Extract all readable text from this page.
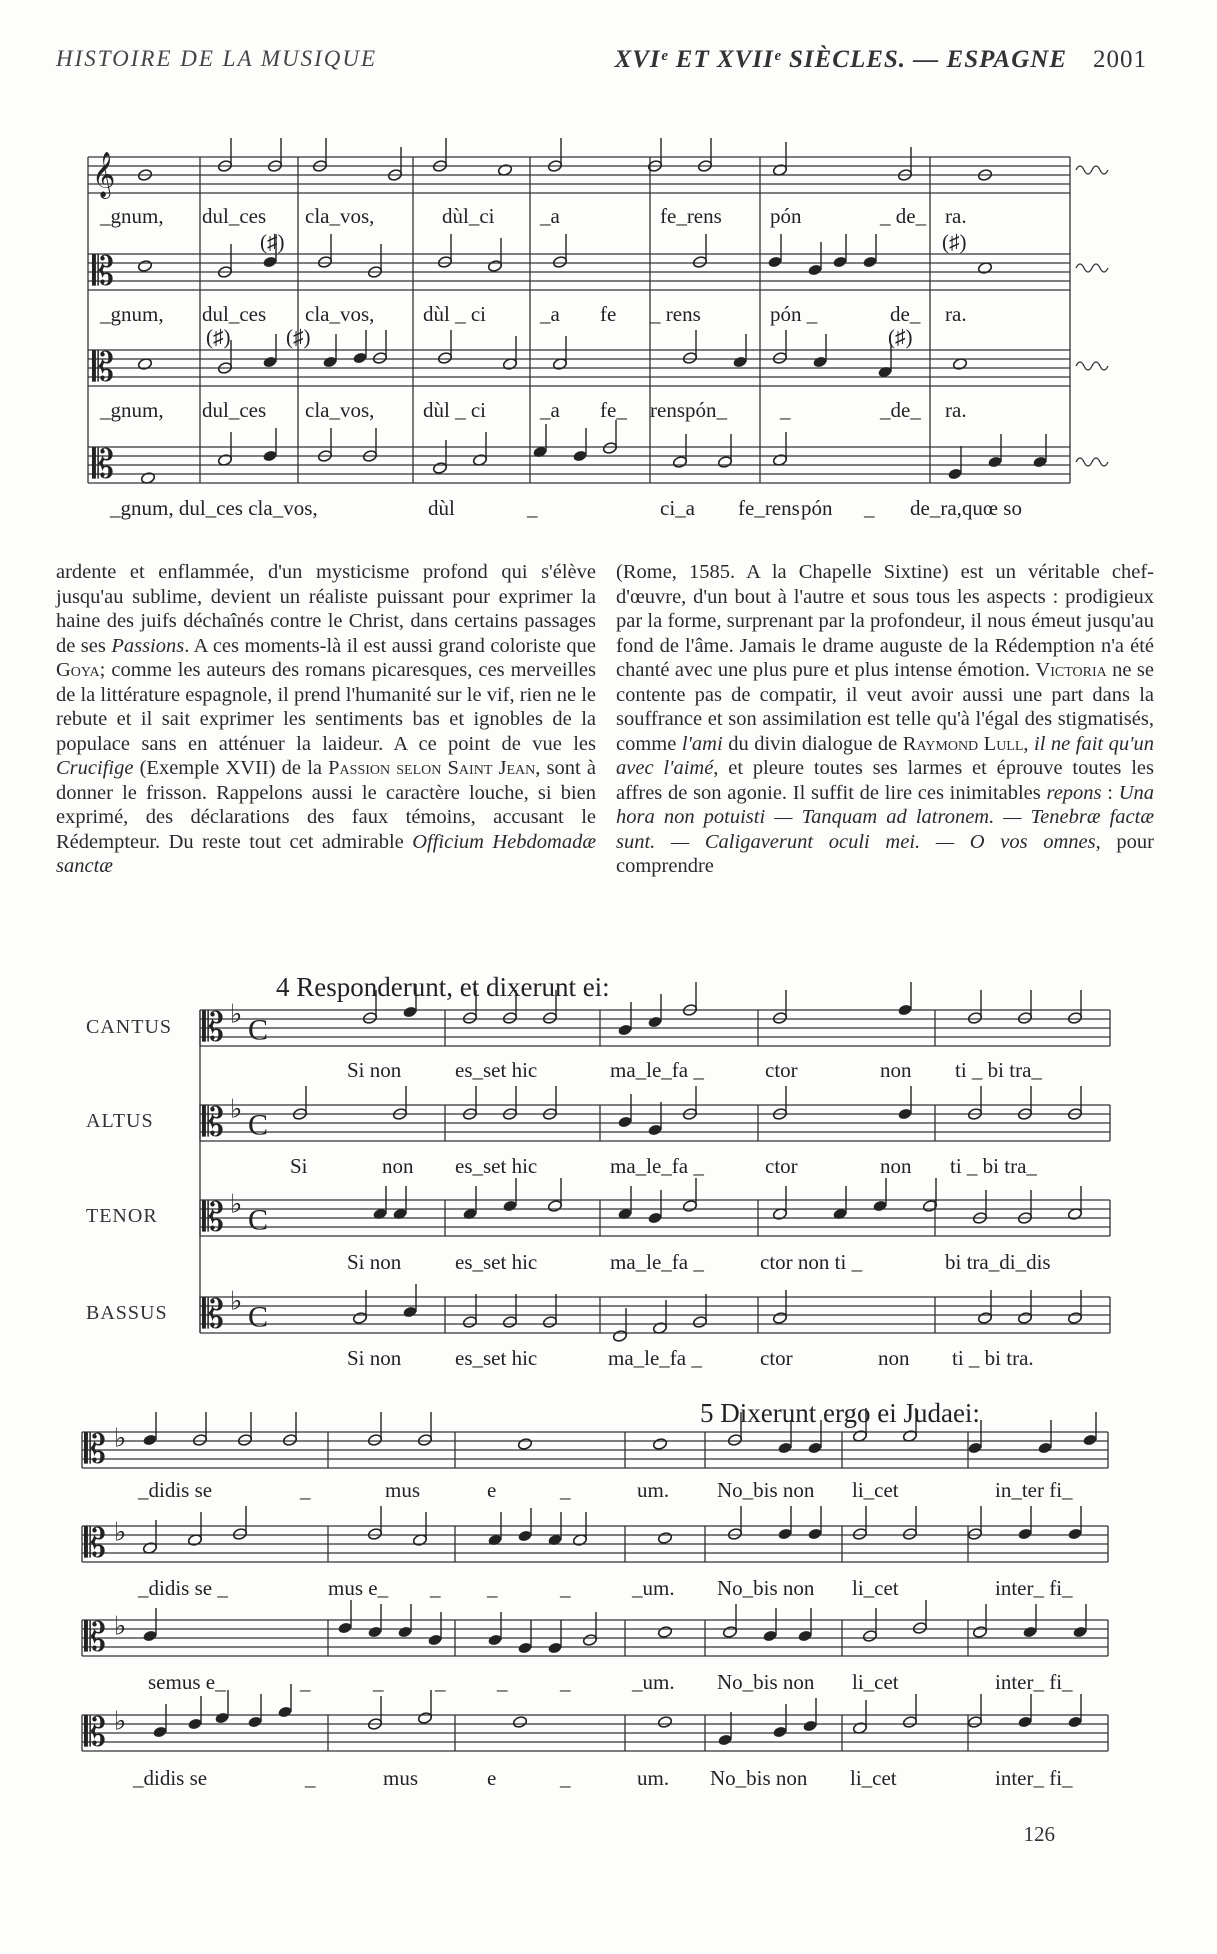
HISTOIRE DE LA MUSIQUE	XVIᵉ ET XVIIᵉ SIÈCLES. — ESPAGNE 2001
𝄞
𝄡
𝄡
𝄡
𝄡 ♭ C
𝄡 ♭ C
𝄡 ♭ C
𝄡 ♭ C
𝄡 ♭
𝄡 ♭
𝄡 ♭
𝄡 ♭
_gnum, dul_ces cla_vos,	dùl_ci _a	fe_rens pón	_ de_ ra.
_gnum, dul_ces cla_vos, dùl _ ci	_a fe _ rens	pón _	de_ ra.
_gnum, dul_ces cla_vos, dùl _ ci	_a fe_ renspón_	_	_de_ ra.
_gnum, dul_ces cla_vos,	dùl	_	ci_a fe_rens pón _ de_ra,quœ so
(♯)
(♯)	(♯)	(♯)
(♯)
Si non	es_set hic	ma_le_fa _	ctor	non ti _ bi tra_
Si	non es_set hic	ma_le_fa _	ctor	non ti _ bi tra_
Si non	es_set hic	ma_le_fa _	ctor non ti _	bi tra_di_dis
Si non	es_set hic	ma_le_fa _	ctor	non ti _ bi tra.
_didis se	_	mus	e	_	um. No_bis non li_cet	in_ter fi_
_didis se _	mus e_ _ _	_	_um. No_bis non li_cet	inter_ fi_
semus e_	_	_ _ _	_	_um. No_bis non li_cet	inter_ fi_
_didis se	_	mus	e	_	um. No_bis non li_cet	inter_ fi_

ardente et enflammée, d'un mysticisme profond qui s'élève jusqu'au sublime, devient un réaliste puissant pour exprimer la haine des juifs déchaînés contre le Christ, dans certains passages de ses Passions. A ces moments-là il est aussi grand coloriste que Goya; comme les auteurs des romans picaresques, ces merveilles de la littérature espagnole, il prend l'humanité sur le vif, rien ne le rebute et il sait exprimer les sentiments bas et ignobles de la populace sans en atténuer la laideur. A ce point de vue les Crucifige (Exemple XVII) de la Passion selon Saint Jean, sont à donner le frisson. Rappelons aussi le caractère louche, si bien exprimé, des déclarations des faux témoins, accusant le Rédempteur. Du reste tout cet admirable Officium Hebdomadæ sanctæ

(Rome, 1585. A la Chapelle Sixtine) est un véritable chef-d'œuvre, d'un bout à l'autre et sous tous les aspects : prodigieux par la forme, surprenant par la profondeur, il nous émeut jusqu'au fond de l'âme. Jamais le drame auguste de la Rédemption n'a été chanté avec une plus pure et plus intense émotion. Victoria ne se contente pas de compatir, il veut avoir aussi une part dans la souffrance et son assimilation est telle qu'à l'égal des stigmatisés, comme l'ami du divin dialogue de Raymond Lull, il ne fait qu'un avec l'aimé, et pleure toutes ses larmes et éprouve toutes les affres de son agonie. Il suffit de lire ces inimitables repons : Una hora non potuisti — Tanquam ad latronem. — Tenebræ factæ sunt. — Caligaverunt oculi mei. — O vos omnes, pour comprendre

4 Responderunt, et dixerunt ei:
CANTUS
ALTUS
TENOR
BASSUS
5 Dixerunt ergo ei Judaei:
126
